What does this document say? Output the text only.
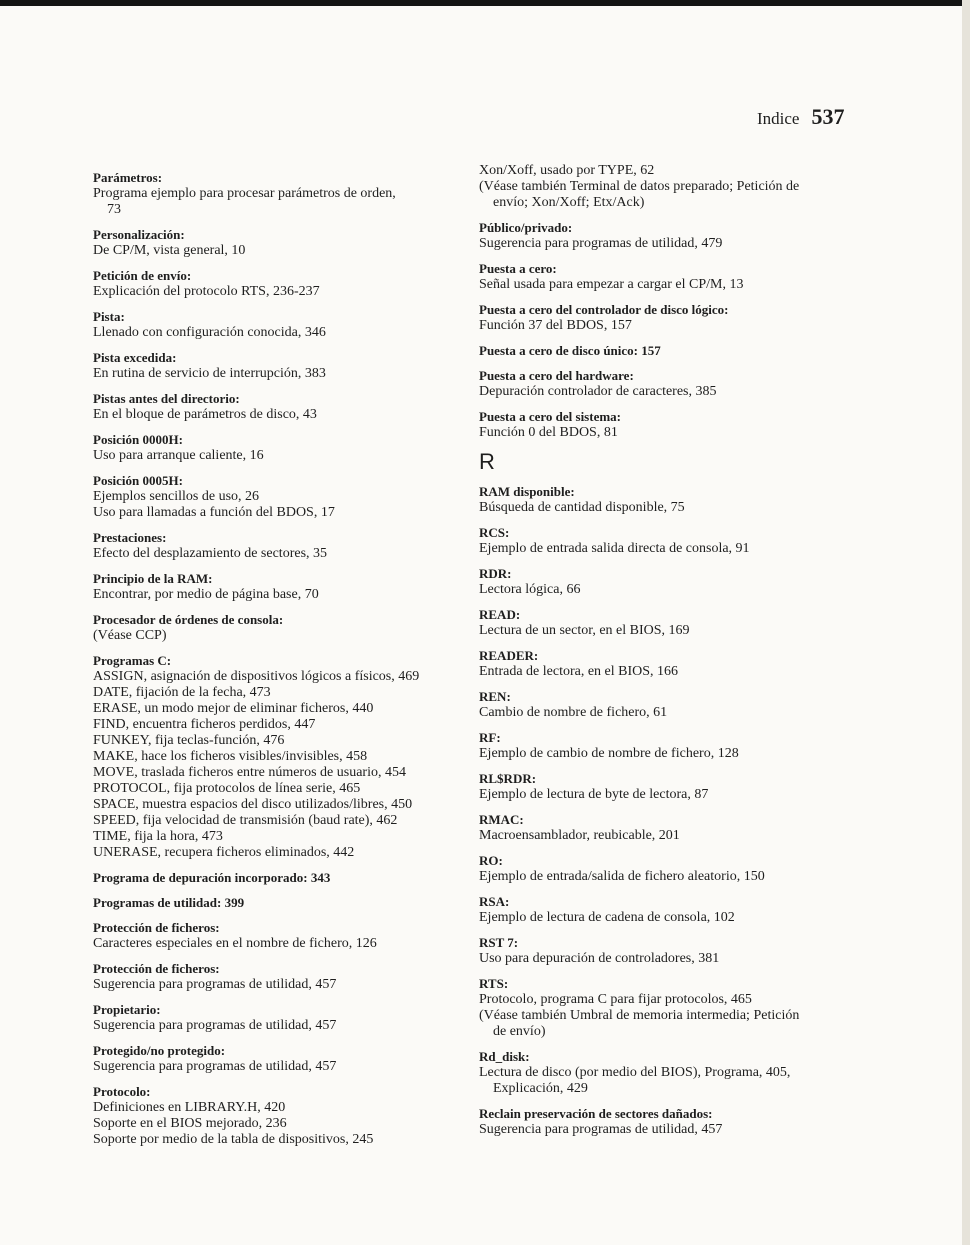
Indice 537
Parámetros:
Programa ejemplo para procesar parámetros de orden,
73
Personalización:
De CP/M, vista general, 10
Petición de envío:
Explicación del protocolo RTS, 236-237
Pista:
Llenado con configuración conocida, 346
Pista excedida:
En rutina de servicio de interrupción, 383
Pistas antes del directorio:
En el bloque de parámetros de disco, 43
Posición 0000H:
Uso para arranque caliente, 16
Posición 0005H:
Ejemplos sencillos de uso, 26
Uso para llamadas a función del BDOS, 17
Prestaciones:
Efecto del desplazamiento de sectores, 35
Principio de la RAM:
Encontrar, por medio de página base, 70
Procesador de órdenes de consola:
(Véase CCP)
Programas C:
ASSIGN, asignación de dispositivos lógicos a físicos, 469
DATE, fijación de la fecha, 473
ERASE, un modo mejor de eliminar ficheros, 440
FIND, encuentra ficheros perdidos, 447
FUNKEY, fija teclas-función, 476
MAKE, hace los ficheros visibles/invisibles, 458
MOVE, traslada ficheros entre números de usuario, 454
PROTOCOL, fija protocolos de línea serie, 465
SPACE, muestra espacios del disco utilizados/libres, 450
SPEED, fija velocidad de transmisión (baud rate), 462
TIME, fija la hora, 473
UNERASE, recupera ficheros eliminados, 442
Programa de depuración incorporado: 343
Programas de utilidad: 399
Protección de ficheros:
Caracteres especiales en el nombre de fichero, 126
Protección de ficheros:
Sugerencia para programas de utilidad, 457
Propietario:
Sugerencia para programas de utilidad, 457
Protegido/no protegido:
Sugerencia para programas de utilidad, 457
Protocolo:
Definiciones en LIBRARY.H, 420
Soporte en el BIOS mejorado, 236
Soporte por medio de la tabla de dispositivos, 245
Xon/Xoff, usado por TYPE, 62
(Véase también Terminal de datos preparado; Petición de
envío; Xon/Xoff; Etx/Ack)
Público/privado:
Sugerencia para programas de utilidad, 479
Puesta a cero:
Señal usada para empezar a cargar el CP/M, 13
Puesta a cero del controlador de disco lógico:
Función 37 del BDOS, 157
Puesta a cero de disco único: 157
Puesta a cero del hardware:
Depuración controlador de caracteres, 385
Puesta a cero del sistema:
Función 0 del BDOS, 81
R
RAM disponible:
Búsqueda de cantidad disponible, 75
RCS:
Ejemplo de entrada salida directa de consola, 91
RDR:
Lectora lógica, 66
READ:
Lectura de un sector, en el BIOS, 169
READER:
Entrada de lectora, en el BIOS, 166
REN:
Cambio de nombre de fichero, 61
RF:
Ejemplo de cambio de nombre de fichero, 128
RL$RDR:
Ejemplo de lectura de byte de lectora, 87
RMAC:
Macroensamblador, reubicable, 201
RO:
Ejemplo de entrada/salida de fichero aleatorio, 150
RSA:
Ejemplo de lectura de cadena de consola, 102
RST 7:
Uso para depuración de controladores, 381
RTS:
Protocolo, programa C para fijar protocolos, 465
(Véase también Umbral de memoria intermedia; Petición
de envío)
Rd_disk:
Lectura de disco (por medio del BIOS), Programa, 405,
Explicación, 429
Reclain preservación de sectores dañados:
Sugerencia para programas de utilidad, 457
